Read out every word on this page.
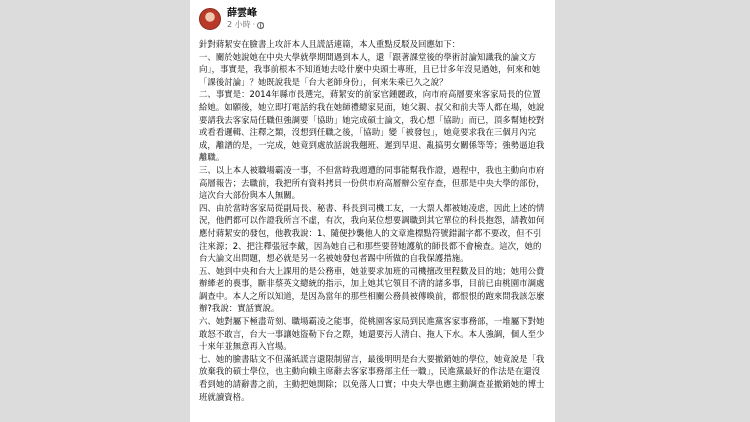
薛雲峰
2 小時 ·

針對蔣絜安在臉書上攻訐本人且謊話連篇，本人重點反駁及回應如下：

一、關於她說她在中央大學就學期間遇到本人，還「跟著課堂後的學術討論知識我的論文方向」，事實是，我事前根本不知道她去唸什麼中央頭士專班，且已廿多年沒見過她，何來和她「課後討論」？她既說我是「台大老師身份」，何來朱乘已久之說？

二、事實是：2014年縣市長選完，蔣絜安的前家官鍾麗政，向市府高層要來客家局長的位置給她。如願後，她立即打電話約我在她師禮總家見面，她父親、叔父和前夫等人都在場，她說要請我去客家局任職但強調要「協助」她完成碩士論文，我心想「協助」而已，頂多幫她校對或看看邏輯、注釋之類，沒想到任職之後，「協助」變「被發包」，她竟要求我在三個月內完成，離譜的是，一完成，她竟到處放話說我翹班、遲到早退、亂搞男女關係等等；強勢逼迫我離職。

三、以上本人被職場霸凌一事，不但當時我週遭的同事能幫我作證，過程中，我也主動向市府高層報告；去職前，我把所有資料拷貝一份供市府高層辦公室存查，但那是中央大學的部份，這次台大部份與本人無關。

四、由於當時客家局從副局長、秘書、科長到司機工友，一大票人都被她凌虐，因此上述的情況，他們都可以作證我所言不虛，有次，我向某位想要調職到其它單位的科長抱怨，請教如何應付蔣絜安的發包，他教我說：1、隨便抄襲他人的文章進標點符號錯漏字都不要改，但不引注來源；2、把注釋張冠李戴，因為她自己和那些要替她護航的師長都不會檢查。這次，她的台大論文出問題，想必就是另一名被她發包者踢中所做的自我保護措施。

五、她到中央和台大上課用的是公務車，她並要求加班的司機擅改里程數及目的地；她用公費辦縴老的喪事，斷非蔡英文總統的指示，加上她其它領目不清的諸多事，目前已由桃園市調處調查中。本人之所以知道，是因為當年的那些相關公務員被傳喚前，都恨恨的跑來問我該怎麼辦?我說：實話實說。

六、她對屬下極盡苛刻、職場霸凌之能事，從桃園客家局到民進黨客家事務部，一堆屬下對她敢怒不敢言，台大一事讓她盜勒下台之際，她還要污人清白、拖人下水。本人強調，個人至少十來年並無意再入官場。

七、她的臉書貼文不但滿紙謊言還限制留言，最後明明是台大要撤銷她的學位，她竟說是「我放棄我的碩士學位，也主動向賴主席辭去客家事務部主任一職」，民進黨最好的作法是在還沒看到她的請辭書之前，主動把她開除；以免落人口實；中央大學也應主動調查並撤銷她的博士班就讀資格。
